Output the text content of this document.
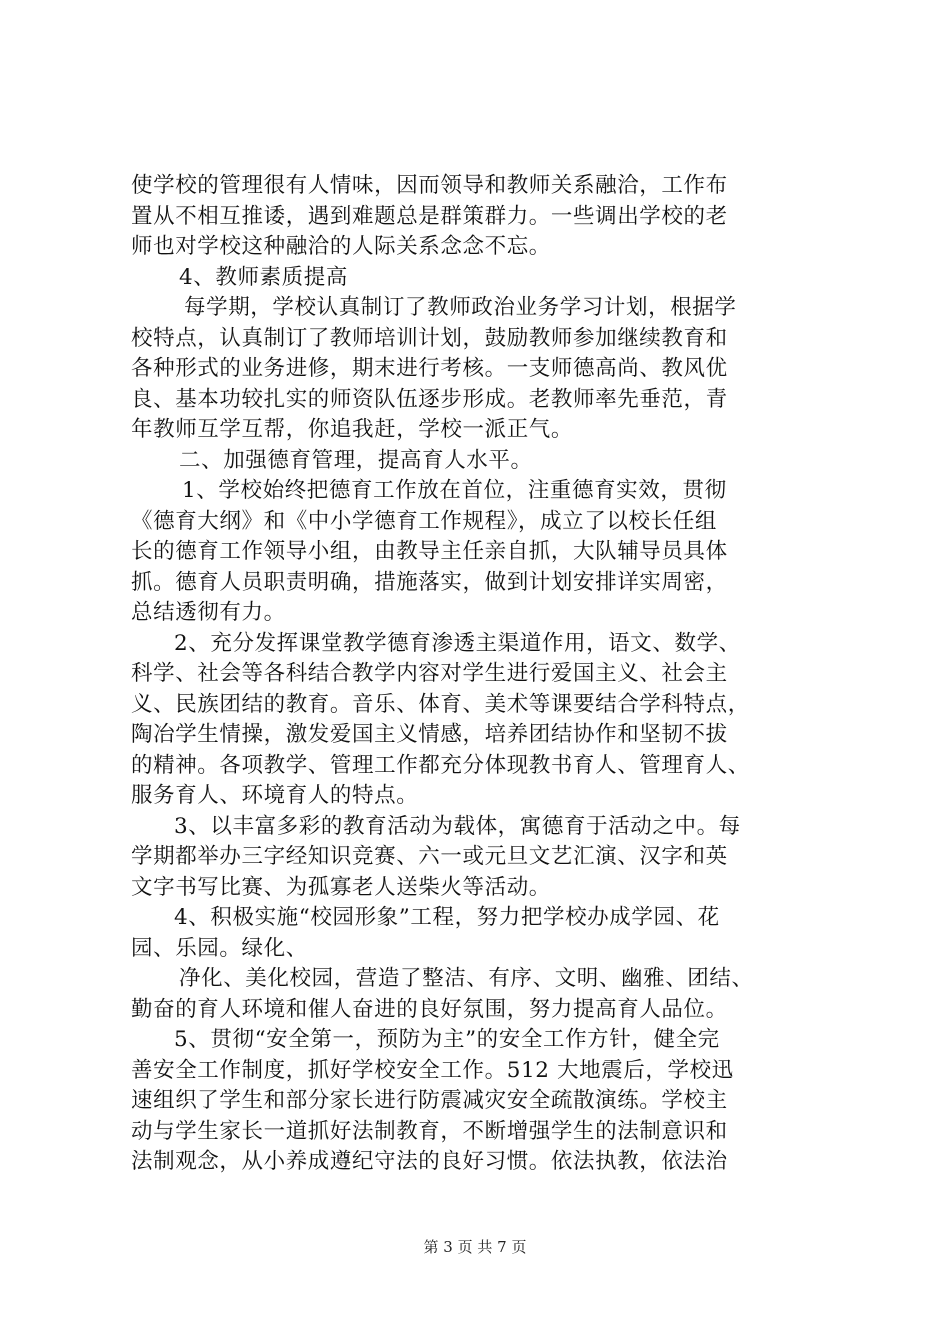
使学校的管理很有人情味，因而领导和教师关系融洽，工作布
置从不相互推诿，遇到难题总是群策群力。一些调出学校的老
师也对学校这种融洽的人际关系念念不忘。
4、教师素质提高
每学期，学校认真制订了教师政治业务学习计划，根据学
校特点，认真制订了教师培训计划，鼓励教师参加继续教育和
各种形式的业务进修，期末进行考核。一支师德高尚、教风优
良、基本功较扎实的师资队伍逐步形成。老教师率先垂范，青
年教师互学互帮，你追我赶，学校一派正气。
二、加强德育管理，提高育人水平。
1、学校始终把德育工作放在首位，注重德育实效，贯彻
《德育大纲》和《中小学德育工作规程》，成立了以校长任组
长的德育工作领导小组，由教导主任亲自抓，大队辅导员具体
抓。德育人员职责明确，措施落实，做到计划安排详实周密，
总结透彻有力。
2、充分发挥课堂教学德育渗透主渠道作用，语文、数学、
科学、社会等各科结合教学内容对学生进行爱国主义、社会主
义、民族团结的教育。音乐、体育、美术等课要结合学科特点，
陶冶学生情操，激发爱国主义情感，培养团结协作和坚韧不拔
的精神。各项教学、管理工作都充分体现教书育人、管理育人、
服务育人、环境育人的特点。
3、以丰富多彩的教育活动为载体，寓德育于活动之中。每
学期都举办三字经知识竞赛、六一或元旦文艺汇演、汉字和英
文字书写比赛、为孤寡老人送柴火等活动。
4、积极实施“校园形象”工程，努力把学校办成学园、花
园、乐园。绿化、
净化、美化校园，营造了整洁、有序、文明、幽雅、团结、
勤奋的育人环境和催人奋进的良好氛围，努力提高育人品位。
5、贯彻“安全第一，预防为主”的安全工作方针，健全完
善安全工作制度，抓好学校安全工作。512 大地震后，学校迅
速组织了学生和部分家长进行防震减灾安全疏散演练。学校主
动与学生家长一道抓好法制教育，不断增强学生的法制意识和
法制观念，从小养成遵纪守法的良好习惯。依法执教，依法治
第 3 页 共 7 页
